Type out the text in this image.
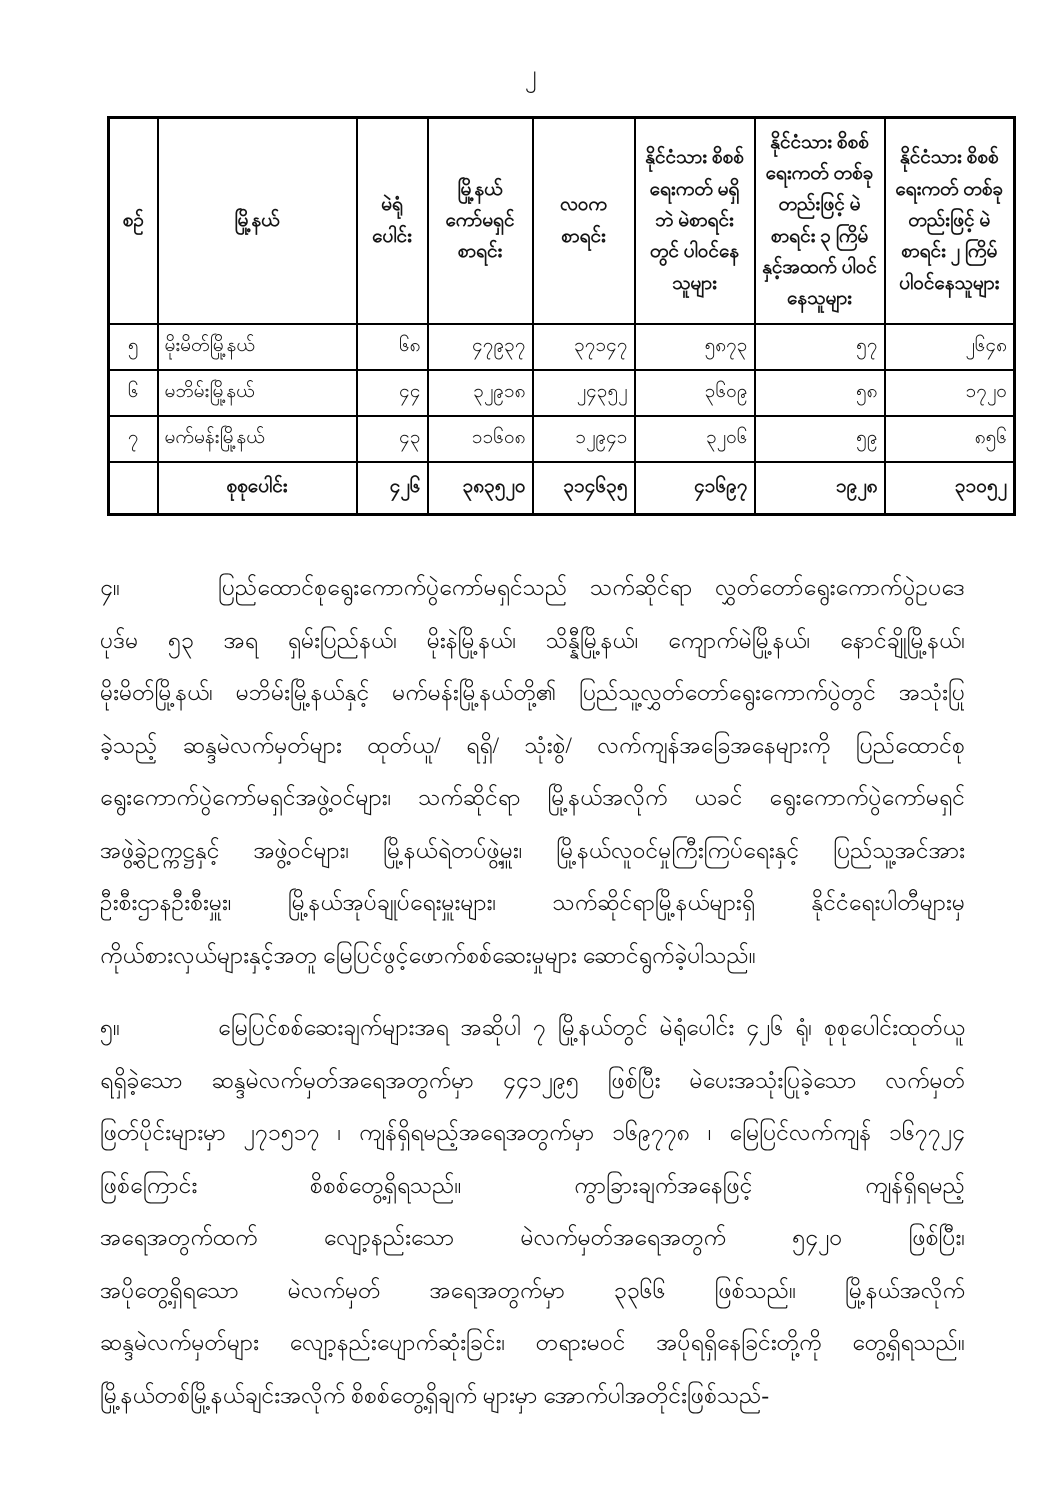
၂
စဉ်	မြို့နယ်	မဲရုံ ပေါင်း	မြို့နယ် ကော်မရှင် စာရင်း	လဝက စာရင်း	နိုင်ငံသား စိစစ်ရေးကတ် မရှိဘဲ မဲစာရင်းတွင် ပါဝင်နေသူများ	နိုင်ငံသား စိစစ်ရေးကတ် တစ်ခုတည်းဖြင့် မဲစာရင်း ၃ ကြိမ် နှင့်အထက် ပါဝင်နေသူများ	နိုင်ငံသား စိစစ်ရေးကတ် တစ်ခုတည်းဖြင့် မဲစာရင်း ၂ ကြိမ် ပါဝင်နေသူများ
၅	မိုးမိတ်မြို့နယ်	၆၈	၄၇၉၃၇	၃၇၁၄၇	၅၈၇၃	၅၇	၂၆၄၈
၆	မဘိမ်းမြို့နယ်	၄၄	၃၂၉၁၈	၂၄၃၅၂	၃၆၀၉	၅၈	၁၇၂၀
၇	မက်မန်းမြို့နယ်	၄၃	၁၁၆၀၈	၁၂၉၄၁	၃၂၀၆	၅၉	၈၅၆
	စုစုပေါင်း	၄၂၆	၃၈၃၅၂၀	၃၁၄၆၃၅	၄၁၆၉၇	၁၉၂၈	၃၁၀၅၂
၄။	ပြည်ထောင်စုရွေးကောက်ပွဲကော်မရှင်သည် သက်ဆိုင်ရာ လွှတ်တော်ရွေးကောက်ပွဲဥပဒေ
ပုဒ်မ ၅၃ အရ ရှမ်းပြည်နယ်၊ မိုးနဲမြို့နယ်၊ သိန္နီမြို့နယ်၊ ကျောက်မဲမြို့နယ်၊ နောင်ချိုမြို့နယ်၊
မိုးမိတ်မြို့နယ်၊ မဘိမ်းမြို့နယ်နှင့် မက်မန်းမြို့နယ်တို့၏ ပြည်သူ့လွှတ်တော်ရွေးကောက်ပွဲတွင် အသုံးပြု
ခဲ့သည့် ဆန္ဒမဲလက်မှတ်များ ထုတ်ယူ/ ရရှိ/ သုံးစွဲ/ လက်ကျန်အခြေအနေများကို ပြည်ထောင်စု
ရွေးကောက်ပွဲကော်မရှင်အဖွဲ့ဝင်များ၊ သက်ဆိုင်ရာ မြို့နယ်အလိုက် ယခင် ရွေးကောက်ပွဲကော်မရှင်
အဖွဲ့ခွဲဥက္ကဋ္ဌနှင့် အဖွဲ့ဝင်များ၊ မြို့နယ်ရဲတပ်ဖွဲ့မှူး၊ မြို့နယ်လူဝင်မှုကြီးကြပ်ရေးနှင့် ပြည်သူ့အင်အား
ဦးစီးဌာနဦးစီးမှူး၊ မြို့နယ်အုပ်ချုပ်ရေးမှူးများ၊ သက်ဆိုင်ရာမြို့နယ်များရှိ နိုင်ငံရေးပါတီများမှ
ကိုယ်စားလှယ်များနှင့်အတူ မြေပြင်ဖွင့်ဖောက်စစ်ဆေးမှုများ ဆောင်ရွက်ခဲ့ပါသည်။
၅။	မြေပြင်စစ်ဆေးချက်များအရ အဆိုပါ ၇ မြို့နယ်တွင် မဲရုံပေါင်း ၄၂၆ ရုံ၊ စုစုပေါင်းထုတ်ယူ
ရရှိခဲ့သော ဆန္ဒမဲလက်မှတ်အရေအတွက်မှာ ၄၄၁၂၉၅ ဖြစ်ပြီး မဲပေးအသုံးပြုခဲ့သော လက်မှတ်
ဖြတ်ပိုင်းများမှာ ၂၇၁၅၁၇ ၊ ကျန်ရှိရမည့်အရေအတွက်မှာ ၁၆၉၇၇၈ ၊ မြေပြင်လက်ကျန် ၁၆၇၇၂၄
ဖြစ်ကြောင်း စိစစ်တွေ့ရှိရသည်။ ကွာခြားချက်အနေဖြင့် ကျန်ရှိရမည့်
အရေအတွက်ထက် လျော့နည်းသော မဲလက်မှတ်အရေအတွက် ၅၄၂၀ ဖြစ်ပြီး၊
အပိုတွေ့ရှိရသော မဲလက်မှတ် အရေအတွက်မှာ ၃၃၆၆ ဖြစ်သည်။ မြို့နယ်အလိုက်
ဆန္ဒမဲလက်မှတ်များ လျော့နည်းပျောက်ဆုံးခြင်း၊ တရားမဝင် အပိုရရှိနေခြင်းတို့ကို တွေ့ရှိရသည်။
မြို့နယ်တစ်မြို့နယ်ချင်းအလိုက် စိစစ်တွေ့ရှိချက် များမှာ အောက်ပါအတိုင်းဖြစ်သည်-
